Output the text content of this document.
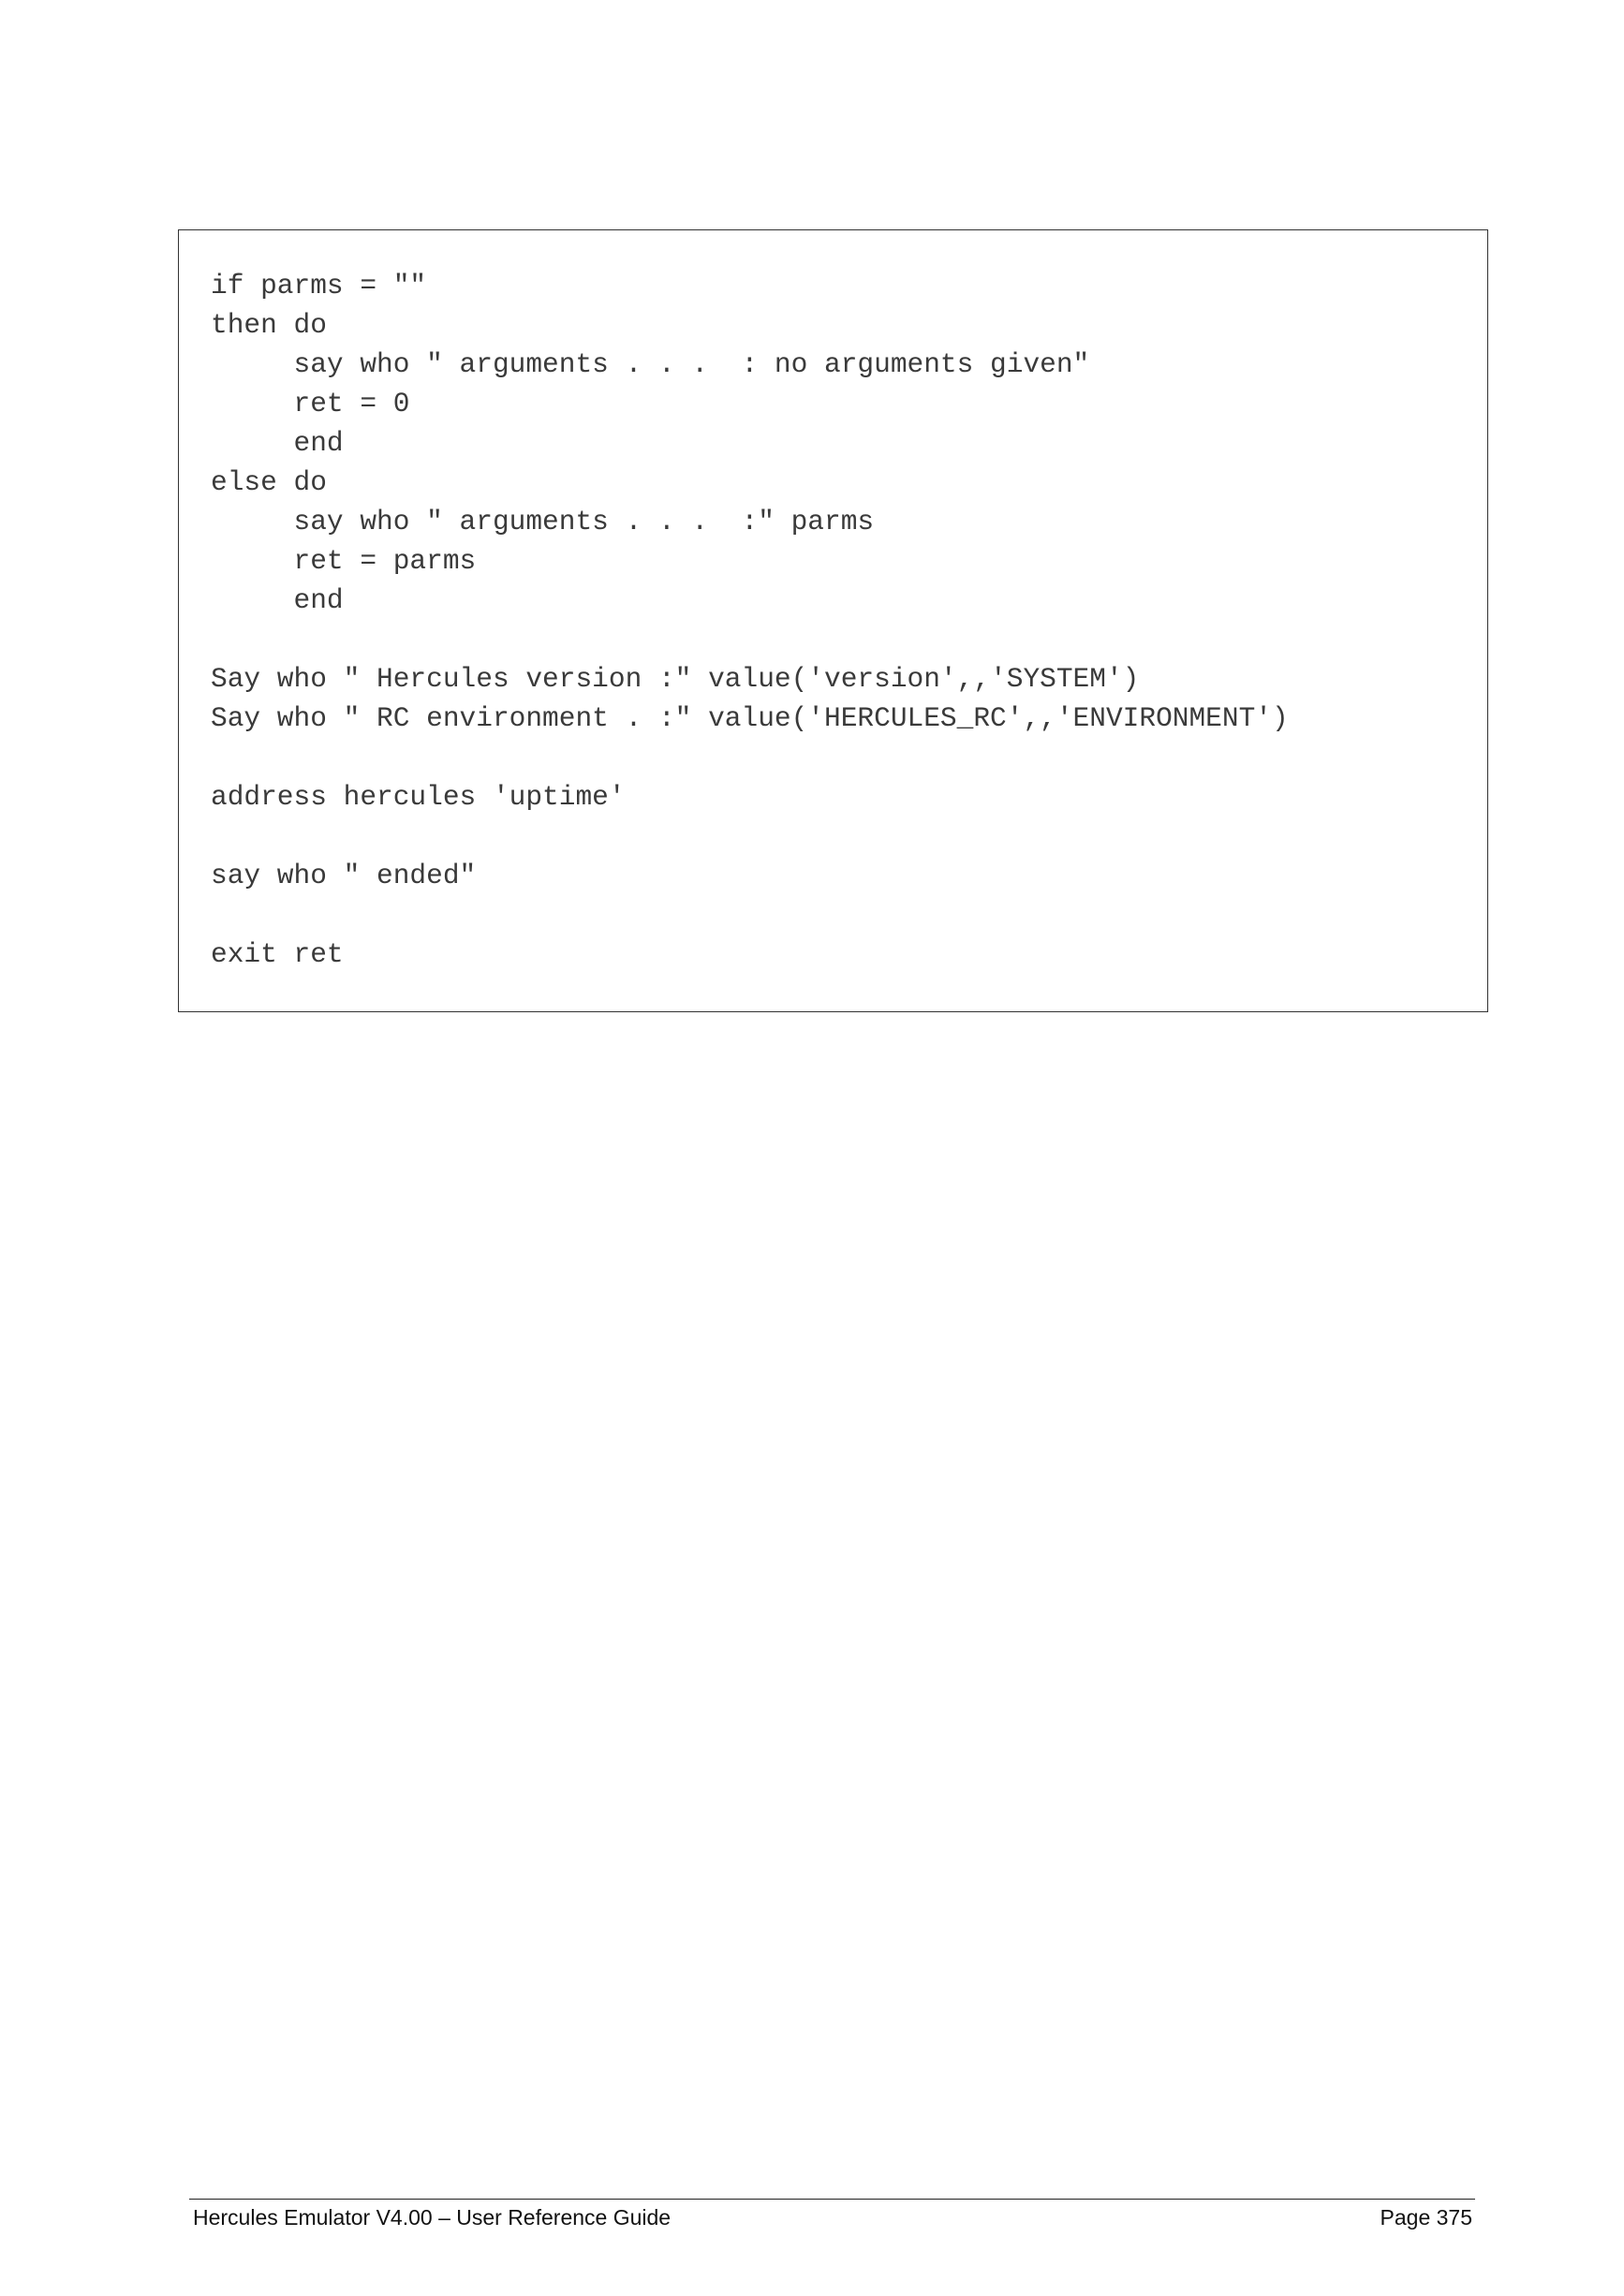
if parms = ""
then do
say who " arguments . . .  : no arguments given"
ret = 0
end
else do
say who " arguments . . .  :" parms
ret = parms
end
Say who " Hercules version :" value('version',,'SYSTEM')
Say who " RC environment . :" value('HERCULES_RC',,'ENVIRONMENT')
address hercules 'uptime'
say who " ended"
exit ret
Hercules Emulator V4.00 – User Reference Guide	Page 375
